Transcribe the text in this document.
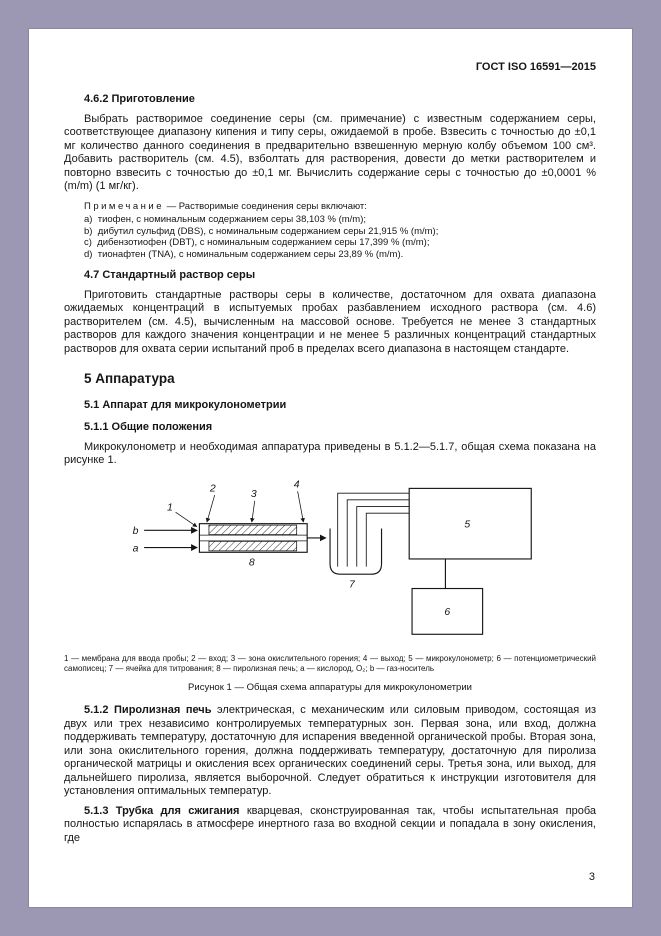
ГОСТ ISO 16591—2015
4.6.2 Приготовление

Выбрать растворимое соединение серы (см. примечание) с известным содержанием серы, соответствующее диапазону кипения и типу серы, ожидаемой в пробе. Взвесить с точностью до ±0,1 мг количество данного соединения в предварительно взвешенную мерную колбу объемом 100 см³. Добавить растворитель (см. 4.5), взболтать для растворения, довести до метки растворителем и повторно взвесить с точностью до ±0,1 мг. Вычислить содержание серы с точностью до ±0,0001 % (m/m) (1 мг/кг).

Примечание — Растворимые соединения серы включают:
a) тиофен, с номинальным содержанием серы 38,103 % (m/m);
b) дибутил сульфид (DBS), с номинальным содержанием серы 21,915 % (m/m);
c) дибензотиофен (DBT), с номинальным содержанием серы 17,399 % (m/m);
d) тионафтен (TNA), с номинальным содержанием серы 23,89 % (m/m).
4.7 Стандартный раствор серы

Приготовить стандартные растворы серы в количестве, достаточном для охвата диапазона ожидаемых концентраций в испытуемых пробах разбавлением исходного раствора (см. 4.6) растворителем (см. 4.5), вычисленным на массовой основе. Требуется не менее 3 стандартных растворов для каждого значения концентрации и не менее 5 различных концентраций стандартных растворов для охвата серии испытаний проб в пределах всего диапазона в настоящем стандарте.

5 Аппаратура
5.1 Аппарат для микрокулонометрии
5.1.1 Общие положения

Микрокулонометр и необходимая аппаратура приведены в 5.1.2—5.1.7, общая схема показана на рисунке 1.

1
2
3
4
5
6
7
8
b
a
1 — мембрана для ввода пробы; 2 — вход; 3 — зона окислительного горения; 4 — выход; 5 — микрокулонометр; 6 — потенциометрический самописец; 7 — ячейка для титрования; 8 — пиролизная печь; a — кислород, O₂; b — газ-носитель
Рисунок 1 — Общая схема аппаратуры для микрокулонометрии

5.1.2 Пиролизная печь электрическая, с механическим или силовым приводом, состоящая из двух или трех независимо контролируемых температурных зон. Первая зона, или вход, должна поддерживать температуру, достаточную для испарения введенной органической пробы. Вторая зона, или зона окислительного горения, должна поддерживать температуру, достаточную для пиролиза органической матрицы и окисления всех органических соединений серы. Третья зона, или выход, для дальнейшего пиролиза, является выборочной. Следует обратиться к инструкции изготовителя для установления оптимальных температур.

5.1.3 Трубка для сжигания кварцевая, сконструированная так, чтобы испытательная проба полностью испарялась в атмосфере инертного газа во входной секции и попадала в зону окисления, где

3
